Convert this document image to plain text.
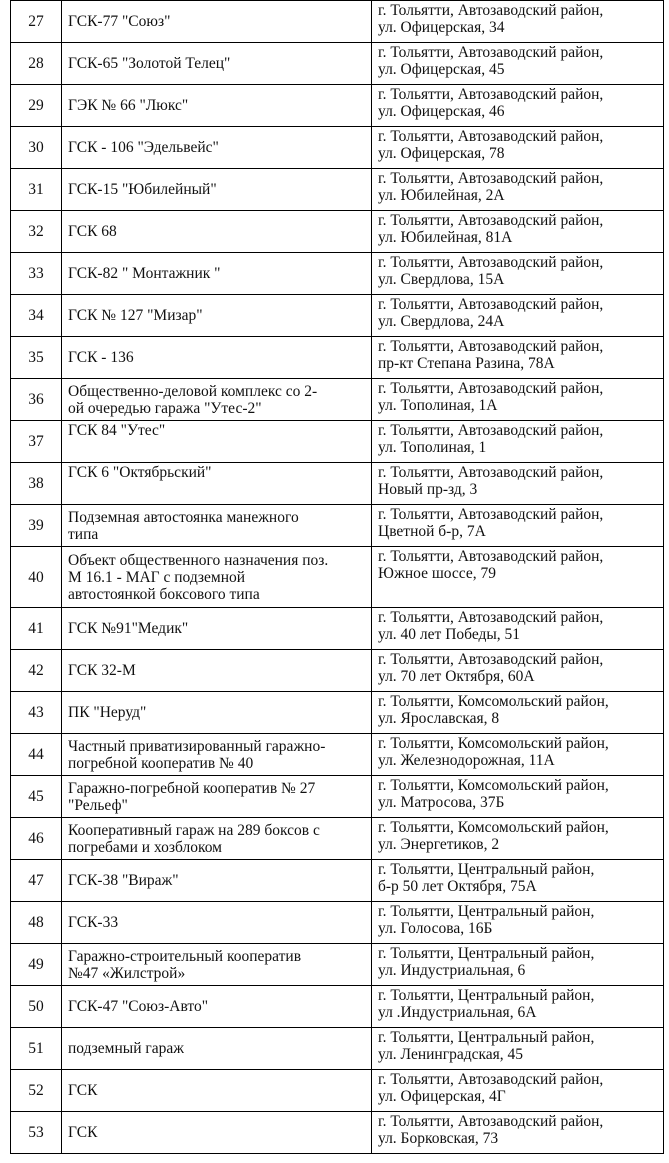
27	ГСК-77 "Союз"	г. Тольятти, Автозаводский район,
ул. Офицерская, 34
28	ГСК-65 "Золотой Телец"	г. Тольятти, Автозаводский район,
ул. Офицерская, 45
29	ГЭК № 66 "Люкс"	г. Тольятти, Автозаводский район,
ул. Офицерская, 46
30	ГСК - 106 "Эдельвейс"	г. Тольятти, Автозаводский район,
ул. Офицерская, 78
31	ГСК-15 "Юбилейный"	г. Тольятти, Автозаводский район,
ул. Юбилейная, 2А
32	ГСК 68	г. Тольятти, Автозаводский район,
ул. Юбилейная, 81А
33	ГСК-82 " Монтажник "	г. Тольятти, Автозаводский район,
ул. Свердлова, 15А
34	ГСК № 127 "Мизар"	г. Тольятти, Автозаводский район,
ул. Свердлова, 24А
35	ГСК - 136	г. Тольятти, Автозаводский район,
пр-кт Степана Разина, 78А
36	Общественно-деловой комплекс со 2-
ой очередью гаража "Утес-2"	г. Тольятти, Автозаводский район,
ул. Тополиная, 1А
37	ГСК 84 "Утес"	г. Тольятти, Автозаводский район,
ул. Тополиная, 1
38	ГСК 6 "Октябрьский"	г. Тольятти, Автозаводский район,
Новый пр-зд, 3
39	Подземная автостоянка манежного
типа	г. Тольятти, Автозаводский район,
Цветной б-р, 7А
40	Объект общественного назначения поз.
М 16.1 - МАГ с подземной
автостоянкой боксового типа	г. Тольятти, Автозаводский район,
Южное шоссе, 79
41	ГСК №91"Медик"	г. Тольятти, Автозаводский район,
ул. 40 лет Победы, 51
42	ГСК 32-М	г. Тольятти, Автозаводский район,
ул. 70 лет Октября, 60А
43	ПК "Неруд"	г. Тольятти, Комсомольский район,
ул. Ярославская, 8
44	Частный приватизированный гаражно-
погребной кооператив № 40	г. Тольятти, Комсомольский район,
ул. Железнодорожная, 11А
45	Гаражно-погребной кооператив № 27
"Рельеф"	г. Тольятти, Комсомольский район,
ул. Матросова, 37Б
46	Кооперативный гараж на 289 боксов с
погребами и хозблоком	г. Тольятти, Комсомольский район,
ул. Энергетиков, 2
47	ГСК-38 "Вираж"	г. Тольятти, Центральный район,
б-р 50 лет Октября, 75А
48	ГСК-33	г. Тольятти, Центральный район,
ул. Голосова, 16Б
49	Гаражно-строительный кооператив
№47 «Жилстрой»	г. Тольятти, Центральный район,
ул. Индустриальная, 6
50	ГСК-47 "Союз-Авто"	г. Тольятти, Центральный район,
ул .Индустриальная, 6А
51	подземный гараж	г. Тольятти, Центральный район,
ул. Ленинградская, 45
52	ГСК	г. Тольятти, Автозаводский район,
ул. Офицерская, 4Г
53	ГСК	г. Тольятти, Автозаводский район,
ул. Борковская, 73
